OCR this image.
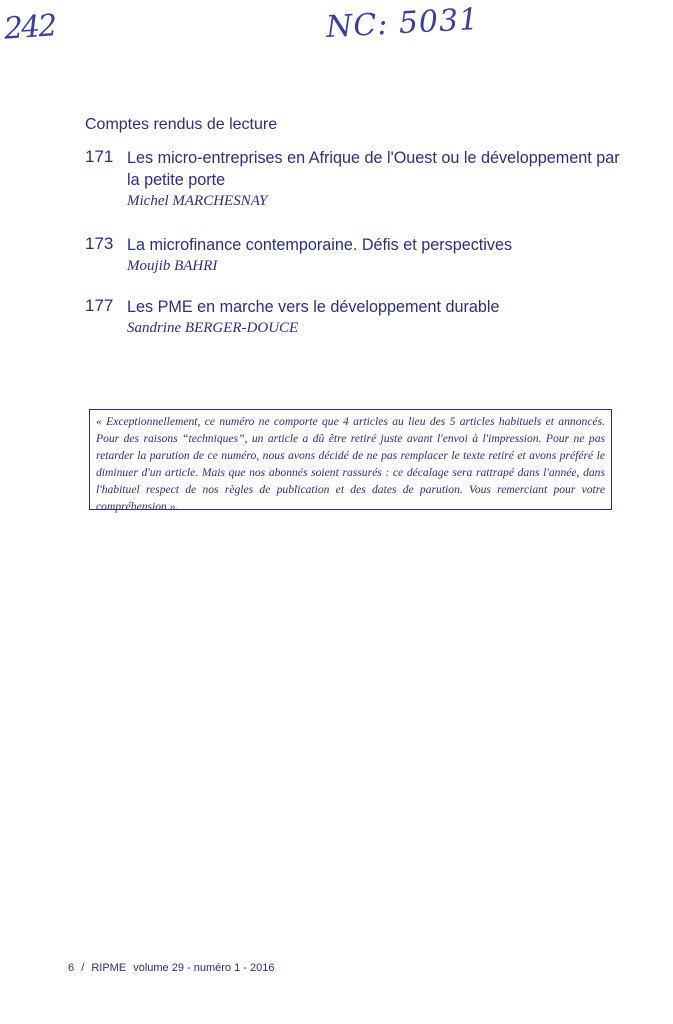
242	NC: 5031
Comptes rendus de lecture
171 Les micro-entreprises en Afrique de l'Ouest ou le développement par la petite porte
Michel MARCHESNAY
173 La microfinance contemporaine. Défis et perspectives
Moujib BAHRI
177 Les PME en marche vers le développement durable
Sandrine BERGER-DOUCE
« Exceptionnellement, ce numéro ne comporte que 4 articles au lieu des 5 articles habituels et annoncés. Pour des raisons “techniques”, un article a dû être retiré juste avant l'envoi à l'impression. Pour ne pas retarder la parution de ce numéro, nous avons décidé de ne pas remplacer le texte retiré et avons préféré le diminuer d'un article. Mais que nos abonnés soient rassurés : ce décalage sera rattrapé dans l'année, dans l'habituel respect de nos règles de publication et des dates de parution. Vous remerciant pour votre compréhension ».
6 / RIPME volume 29 - numéro 1 - 2016
